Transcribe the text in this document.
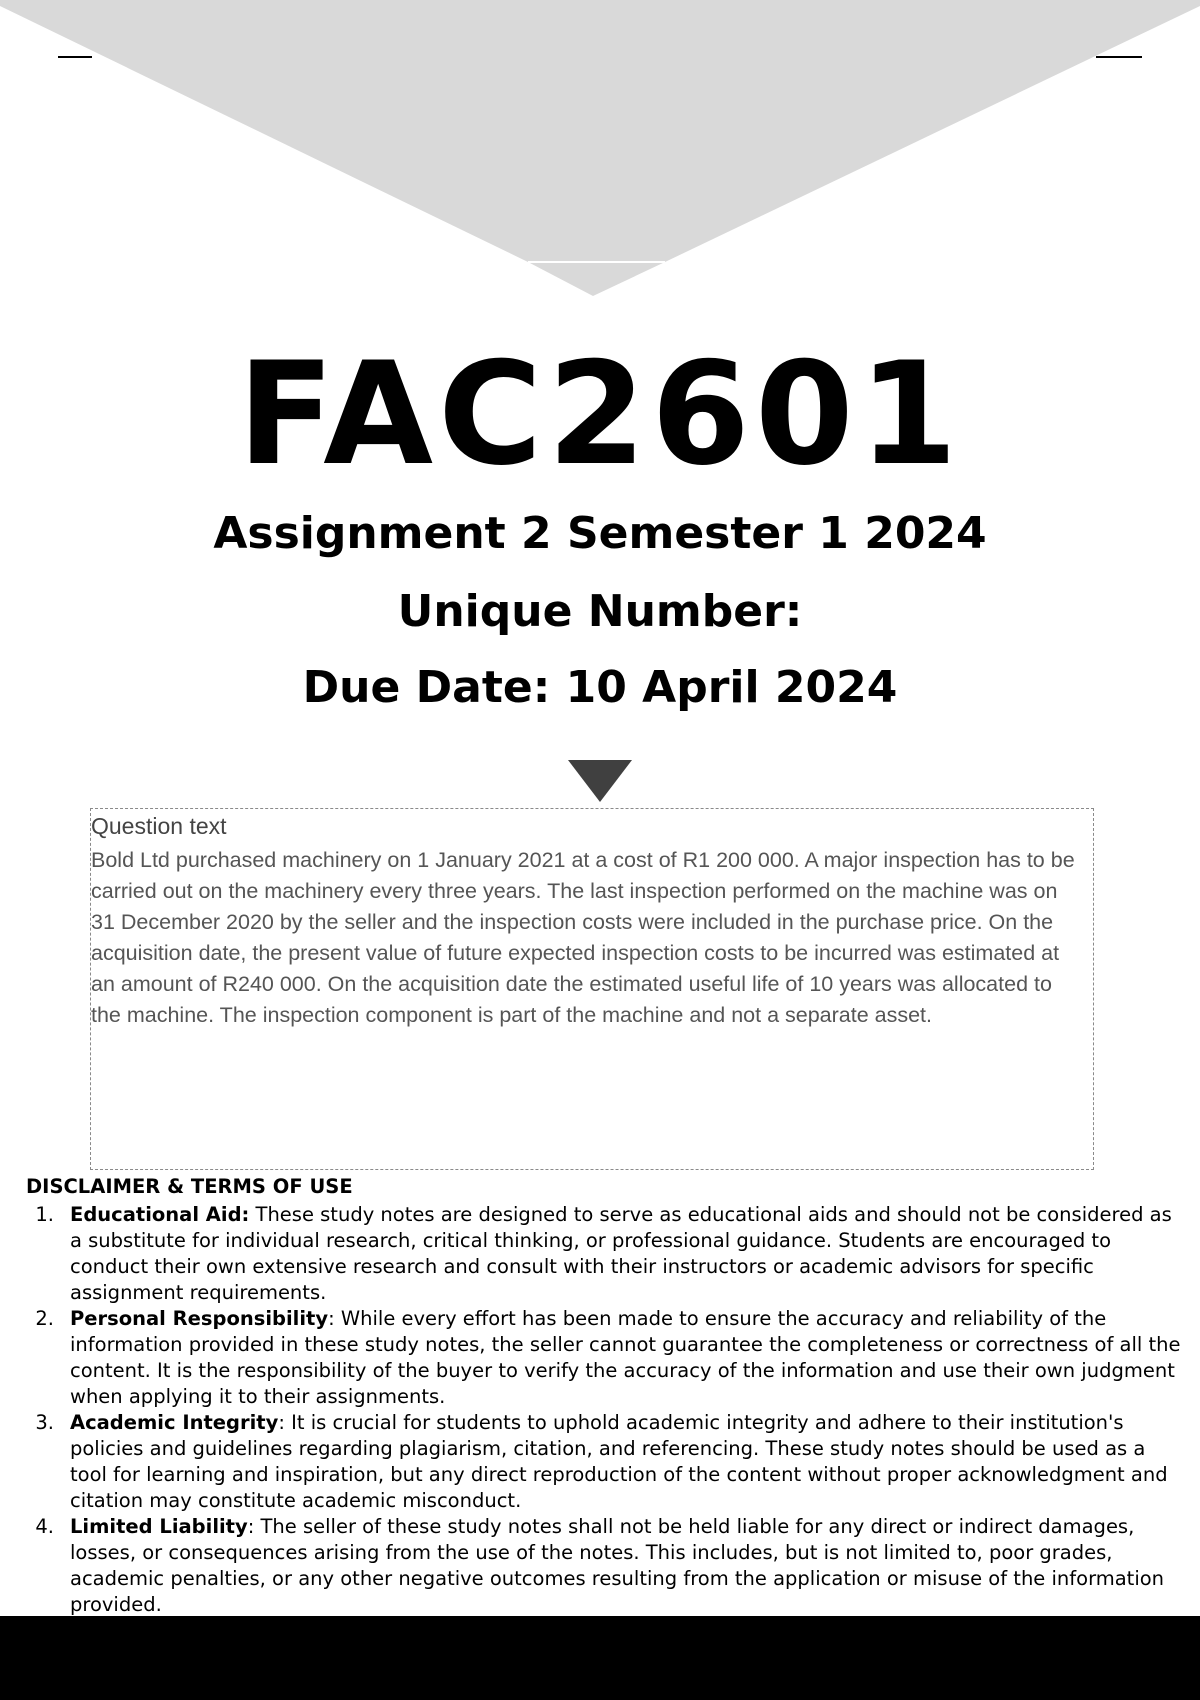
FAC2601
Assignment 2 Semester 1 2024
Unique Number:
Due Date: 10 April 2024
Question text
Bold Ltd purchased machinery on 1 January 2021 at a cost of R1 200 000. A major inspection has to be carried out on the machinery every three years. The last inspection performed on the machine was on 31 December 2020 by the seller and the inspection costs were included in the purchase price. On the acquisition date, the present value of future expected inspection costs to be incurred was estimated at an amount of R240 000. On the acquisition date the estimated useful life of 10 years was allocated to the machine. The inspection component is part of the machine and not a separate asset.
DISCLAIMER & TERMS OF USE
1. Educational Aid: These study notes are designed to serve as educational aids and should not be considered as a substitute for individual research, critical thinking, or professional guidance. Students are encouraged to conduct their own extensive research and consult with their instructors or academic advisors for specific assignment requirements.
2. Personal Responsibility: While every effort has been made to ensure the accuracy and reliability of the information provided in these study notes, the seller cannot guarantee the completeness or correctness of all the content. It is the responsibility of the buyer to verify the accuracy of the information and use their own judgment when applying it to their assignments.
3. Academic Integrity: It is crucial for students to uphold academic integrity and adhere to their institution's policies and guidelines regarding plagiarism, citation, and referencing. These study notes should be used as a tool for learning and inspiration, but any direct reproduction of the content without proper acknowledgment and citation may constitute academic misconduct.
4. Limited Liability: The seller of these study notes shall not be held liable for any direct or indirect damages, losses, or consequences arising from the use of the notes. This includes, but is not limited to, poor grades, academic penalties, or any other negative outcomes resulting from the application or misuse of the information provided.
